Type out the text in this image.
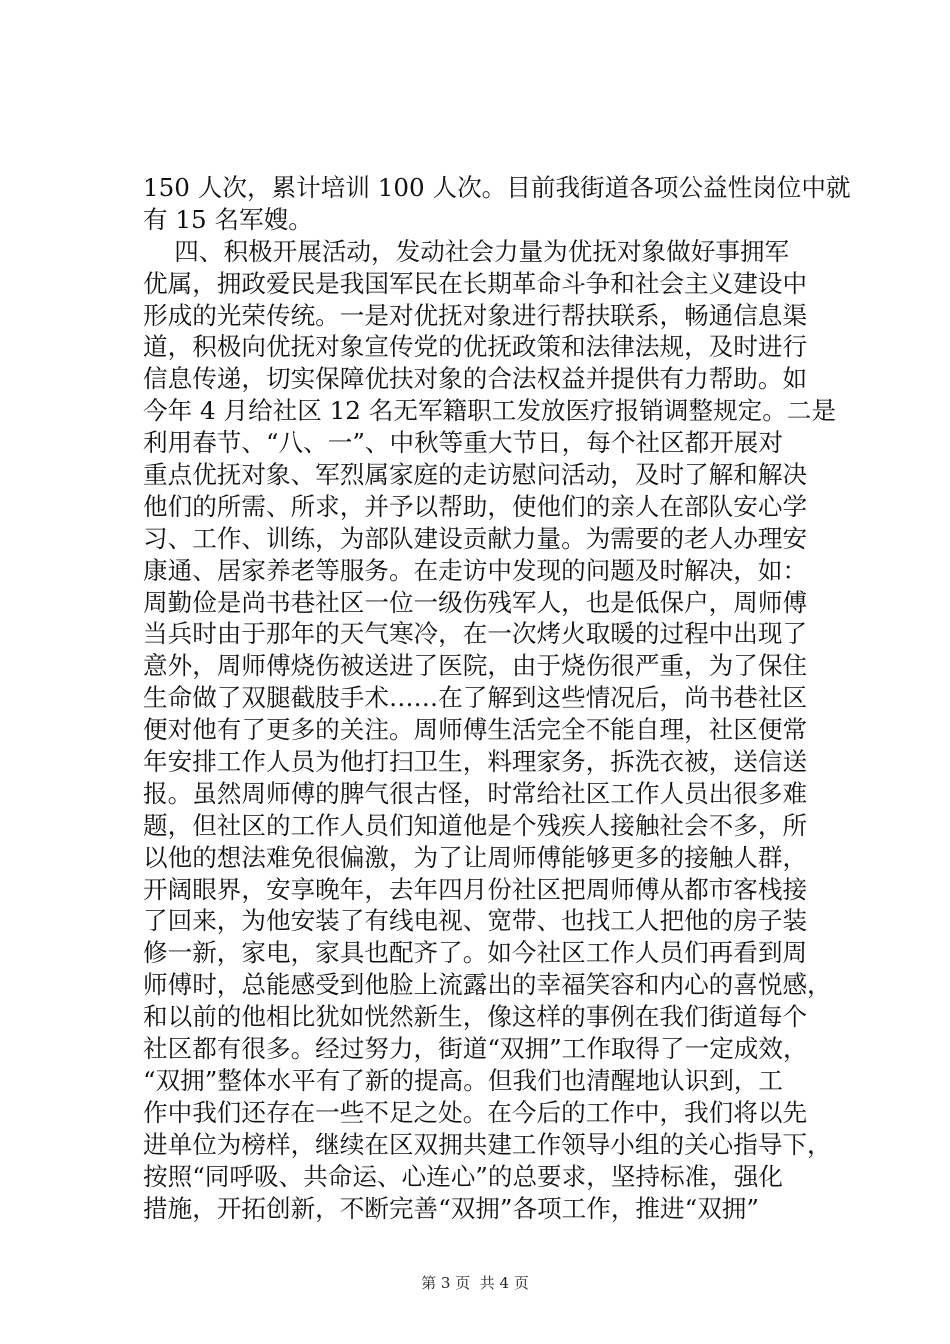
150 人次，累计培训 100 人次。目前我街道各项公益性岗位中就
有 15 名军嫂。
四、积极开展活动，发动社会力量为优抚对象做好事拥军
优属，拥政爱民是我国军民在长期革命斗争和社会主义建设中
形成的光荣传统。一是对优抚对象进行帮扶联系，畅通信息渠
道，积极向优抚对象宣传党的优抚政策和法律法规，及时进行
信息传递，切实保障优扶对象的合法权益并提供有力帮助。如
今年 4 月给社区 12 名无军籍职工发放医疗报销调整规定。二是
利用春节、“八、一”、中秋等重大节日，每个社区都开展对
重点优抚对象、军烈属家庭的走访慰问活动，及时了解和解决
他们的所需、所求，并予以帮助，使他们的亲人在部队安心学
习、工作、训练，为部队建设贡献力量。为需要的老人办理安
康通、居家养老等服务。在走访中发现的问题及时解决，如：
周勤俭是尚书巷社区一位一级伤残军人，也是低保户，周师傅
当兵时由于那年的天气寒冷，在一次烤火取暖的过程中出现了
意外，周师傅烧伤被送进了医院，由于烧伤很严重，为了保住
生命做了双腿截肢手术……在了解到这些情况后，尚书巷社区
便对他有了更多的关注。周师傅生活完全不能自理，社区便常
年安排工作人员为他打扫卫生，料理家务，拆洗衣被，送信送
报。虽然周师傅的脾气很古怪，时常给社区工作人员出很多难
题，但社区的工作人员们知道他是个残疾人接触社会不多，所
以他的想法难免很偏激，为了让周师傅能够更多的接触人群，
开阔眼界，安享晚年，去年四月份社区把周师傅从都市客栈接
了回来，为他安装了有线电视、宽带、也找工人把他的房子装
修一新，家电，家具也配齐了。如今社区工作人员们再看到周
师傅时，总能感受到他脸上流露出的幸福笑容和内心的喜悦感，
和以前的他相比犹如恍然新生，像这样的事例在我们街道每个
社区都有很多。经过努力，街道“双拥”工作取得了一定成效，
“双拥”整体水平有了新的提高。但我们也清醒地认识到，工
作中我们还存在一些不足之处。在今后的工作中，我们将以先
进单位为榜样，继续在区双拥共建工作领导小组的关心指导下，
按照“同呼吸、共命运、心连心”的总要求，坚持标准，强化
措施，开拓创新，不断完善“双拥”各项工作，推进“双拥”
第 3 页  共 4 页
